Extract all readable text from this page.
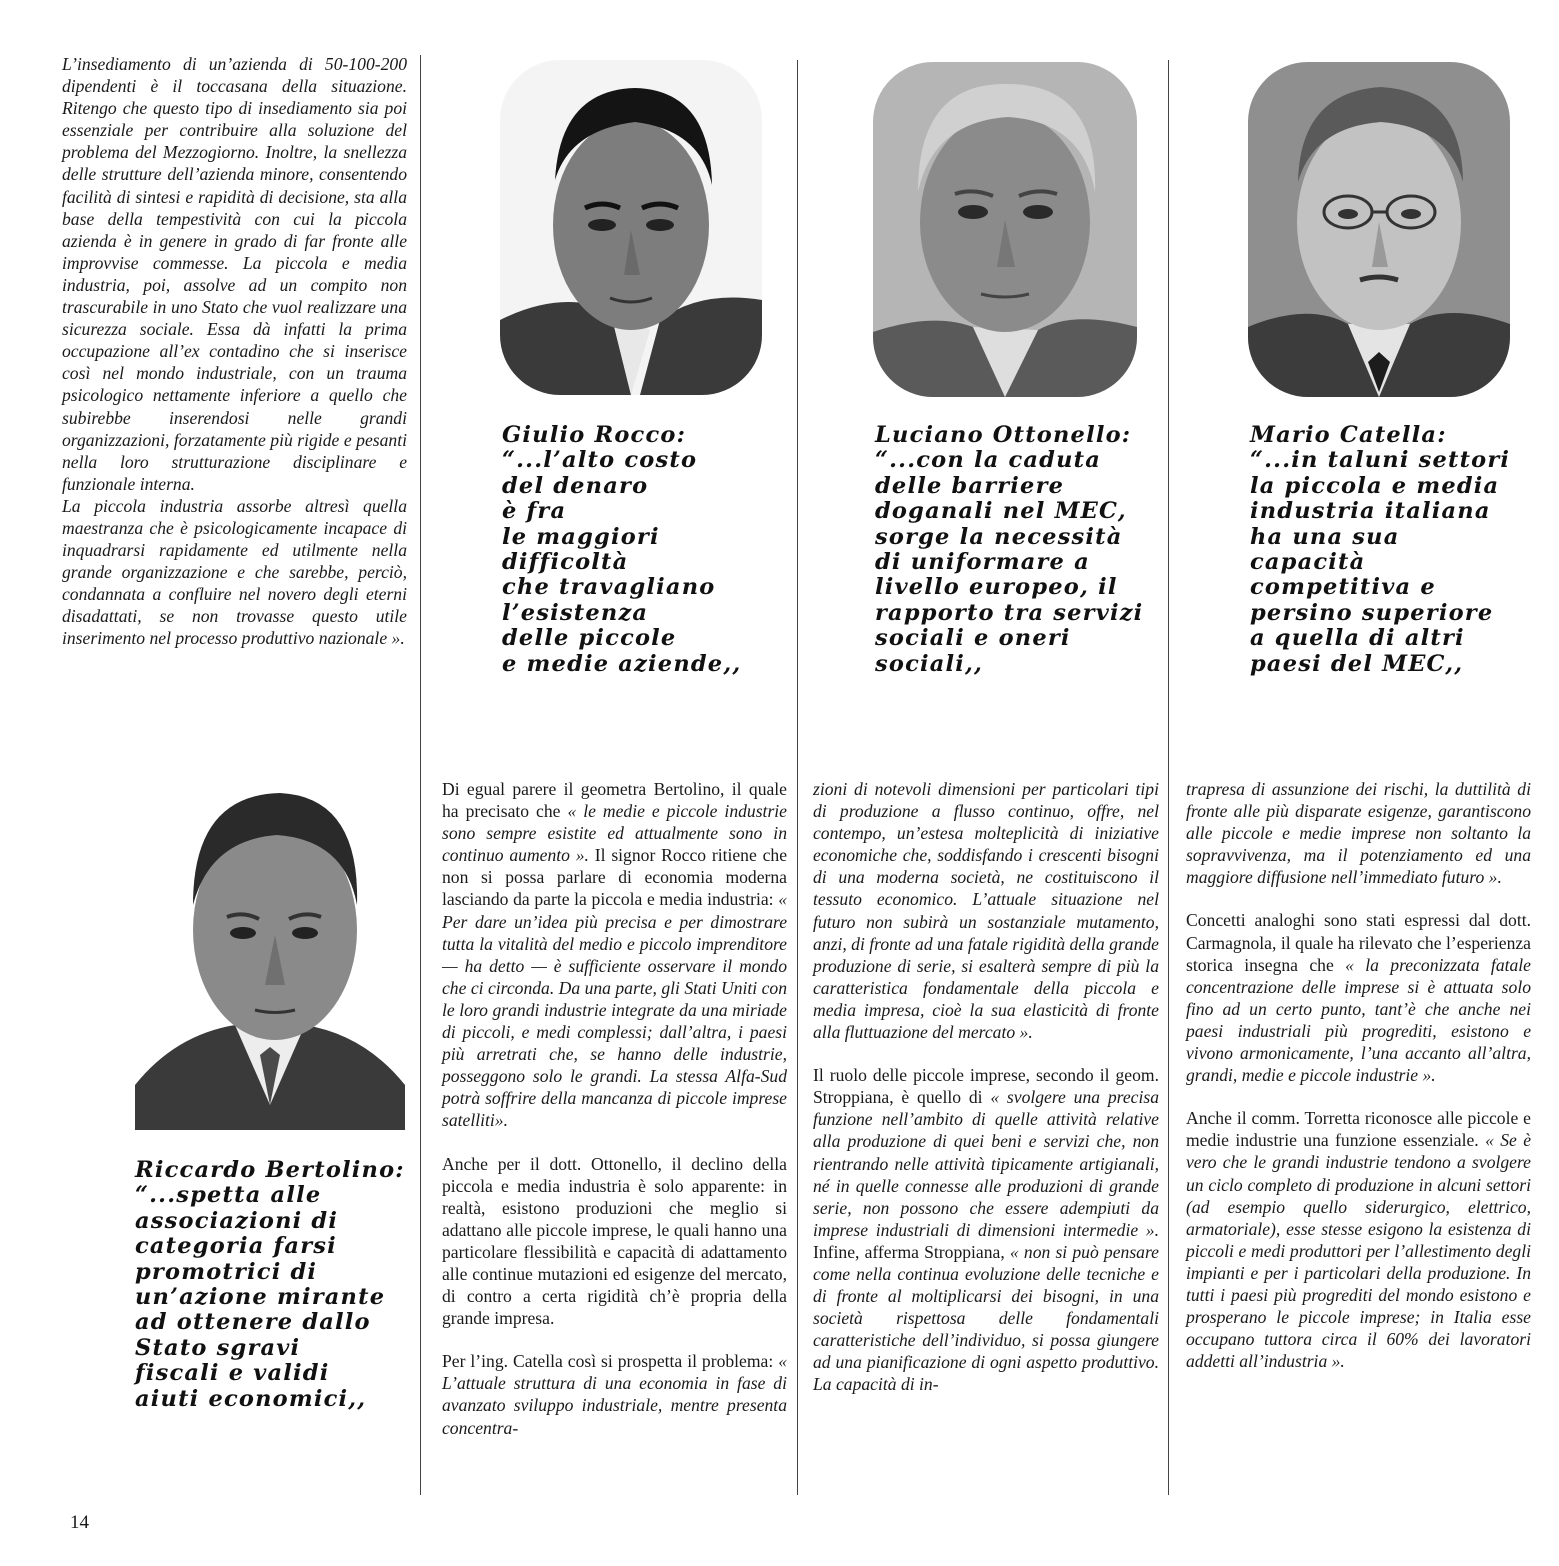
L’insediamento di un’azienda di 50-100-200 dipendenti è il toccasana della situazione. Ritengo che questo tipo di insediamento sia poi essenziale per contribuire alla soluzione del problema del Mezzogiorno. Inoltre, la snellezza delle strutture dell’azienda minore, consentendo facilità di sintesi e rapidità di decisione, sta alla base della tempestività con cui la piccola azienda è in genere in grado di far fronte alle improvvise commesse. La piccola e media industria, poi, assolve ad un compito non trascurabile in uno Stato che vuol realizzare una sicurezza sociale. Essa dà infatti la prima occupazione all’ex contadino che si inserisce così nel mondo industriale, con un trauma psicologico nettamente inferiore a quello che subirebbe inserendosi nelle grandi organizzazioni, forzatamente più rigide e pesanti nella loro strutturazione disciplinare e funzionale interna.

La piccola industria assorbe altresì quella maestranza che è psicologicamente incapace di inquadrarsi rapidamente ed utilmente nella grande organizzazione e che sarebbe, perciò, condannata a confluire nel novero degli eterni disadattati, se non trovasse questo utile inserimento nel processo produttivo nazionale ».

Giulio Rocco:
“...l’alto costo
del denaro
è fra
le maggiori
difficoltà
che travagliano
l’esistenza
delle piccole
e medie aziende,,
Luciano Ottonello:
“...con la caduta
delle barriere
doganali nel MEC,
sorge la necessità
di uniformare a
livello europeo, il
rapporto tra servizi
sociali e oneri
sociali,,
Mario Catella:
“...in taluni settori
la piccola e media
industria italiana
ha una sua
capacità
competitiva e
persino superiore
a quella di altri
paesi del MEC,,
Riccardo Bertolino:
“...spetta alle
associazioni di
categoria farsi
promotrici di
un’azione mirante
ad ottenere dallo
Stato sgravi
fiscali e validi
aiuti economici,,

Di egual parere il geometra Bertolino, il quale ha precisato che « le medie e piccole industrie sono sempre esistite ed attualmente sono in continuo aumento ». Il signor Rocco ritiene che non si possa parlare di economia moderna lasciando da parte la piccola e media industria: « Per dare un’idea più precisa e per dimostrare tutta la vitalità del medio e piccolo imprenditore — ha detto — è sufficiente osservare il mondo che ci circonda. Da una parte, gli Stati Uniti con le loro grandi industrie integrate da una miriade di piccoli, e medi complessi; dall’altra, i paesi più arretrati che, se hanno delle industrie, posseggono solo le grandi. La stessa Alfa-Sud potrà soffrire della mancanza di piccole imprese satelliti».

Anche per il dott. Ottonello, il declino della piccola e media industria è solo apparente: in realtà, esistono produzioni che meglio si adattano alle piccole imprese, le quali hanno una particolare flessibilità e capacità di adattamento alle continue mutazioni ed esigenze del mercato, di contro a certa rigidità ch’è propria della grande impresa.

Per l’ing. Catella così si prospetta il problema: « L’attuale struttura di una economia in fase di avanzato sviluppo industriale, mentre presenta concentra-

zioni di notevoli dimensioni per particolari tipi di produzione a flusso continuo, offre, nel contempo, un’estesa molteplicità di iniziative economiche che, soddisfando i crescenti bisogni di una moderna società, ne costituiscono il tessuto economico. L’attuale situazione nel futuro non subirà un sostanziale mutamento, anzi, di fronte ad una fatale rigidità della grande produzione di serie, si esalterà sempre di più la caratteristica fondamentale della piccola e media impresa, cioè la sua elasticità di fronte alla fluttuazione del mercato ».

Il ruolo delle piccole imprese, secondo il geom. Stroppiana, è quello di « svolgere una precisa funzione nell’ambito di quelle attività relative alla produzione di quei beni e servizi che, non rientrando nelle attività tipicamente artigianali, né in quelle connesse alle produzioni di grande serie, non possono che essere adempiuti da imprese industriali di dimensioni intermedie ». Infine, afferma Stroppiana, « non si può pensare come nella continua evoluzione delle tecniche e di fronte al moltiplicarsi dei bisogni, in una società rispettosa delle fondamentali caratteristiche dell’individuo, si possa giungere ad una pianificazione di ogni aspetto produttivo. La capacità di in-

trapresa di assunzione dei rischi, la duttilità di fronte alle più disparate esigenze, garantiscono alle piccole e medie imprese non soltanto la sopravvivenza, ma il potenziamento ed una maggiore diffusione nell’immediato futuro ».

Concetti analoghi sono stati espressi dal dott. Carmagnola, il quale ha rilevato che l’esperienza storica insegna che « la preconizzata fatale concentrazione delle imprese si è attuata solo fino ad un certo punto, tant’è che anche nei paesi industriali più progrediti, esistono e vivono armonicamente, l’una accanto all’altra, grandi, medie e piccole industrie ».

Anche il comm. Torretta riconosce alle piccole e medie industrie una funzione essenziale. « Se è vero che le grandi industrie tendono a svolgere un ciclo completo di produzione in alcuni settori (ad esempio quello siderurgico, elettrico, armatoriale), esse stesse esigono la esistenza di piccoli e medi produttori per l’allestimento degli impianti e per i particolari della produzione. In tutti i paesi più progrediti del mondo esistono e prosperano le piccole imprese; in Italia esse occupano tuttora circa il 60% dei lavoratori addetti all’industria ».

14
